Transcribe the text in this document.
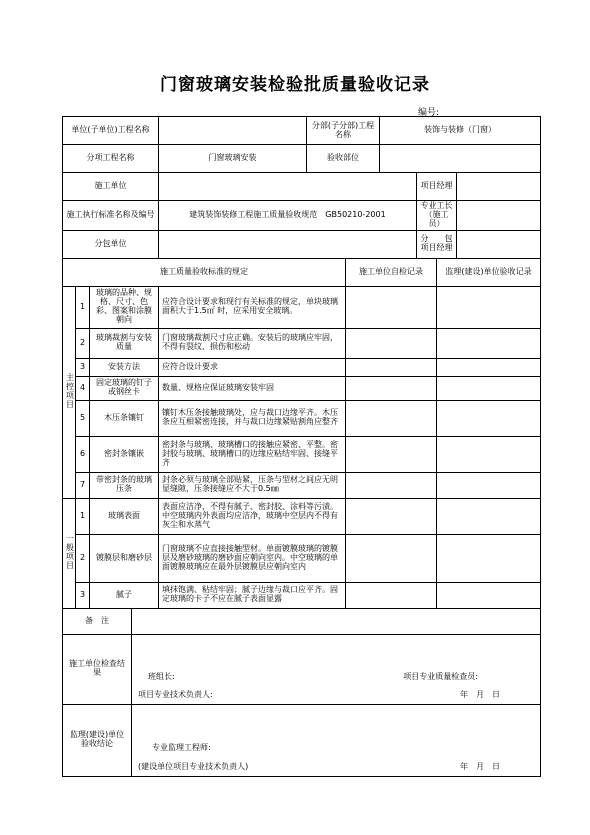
门窗玻璃安装检验批质量验收记录
编号:
单位(子单位)工程名称					分部(子分部)工程名称		装饰与装修（门窗）			
分项工程名称				门窗玻璃安装	验收部位					
施工单位								项目经理		
施工执行标准名称及编号				建筑装饰装修工程施工质量验收规范　GB50210-2001				专业工长（施工员）		
分包单位								分　　包项目经理		
施工质量验收标准的规定						施工单位自检记录			监理(建设)单位验收记录	
主控项目	1	玻璃的品种、规格、尺寸、色彩、图案和涂膜朝向		应符合设计要求和现行有关标准的规定，单块玻璃面积大于1.5㎡ 时，应采用安全玻璃。						
	2	玻璃裁割与安装质量		门窗玻璃裁割尺寸应正确。安装后的玻璃应牢固，不得有裂纹、损伤和松动						
	3	安装方法		应符合设计要求						
	4	固定玻璃的钉子或钢丝卡		数量、规格应保证玻璃安装牢固						
	5	木压条镶钉		镶钉木压条接触玻璃处，应与裁口边缘平齐。木压条应互相紧密连接，并与裁口边缘紧贴割角应整齐						
	6	密封条镶嵌		密封条与玻璃、玻璃槽口的接触应紧密、平整。密封胶与玻璃、玻璃槽口的边缘应粘结牢固、接缝平齐						
	7	带密封条的玻璃压条		封条必须与玻璃全部贴紧，压条与型材之间应无明显缝隙，压条接缝应不大于0.5㎜						
一般项目	1	玻璃表面		表面应洁净，不得有腻子、密封胶、涂料等污渍。中空玻璃内外表面均应洁净，玻璃中空层内不得有灰尘和水蒸气						
	2	镀膜层和磨砂层		门窗玻璃不应直接接触型材。单面镀膜玻璃的镀膜层及磨砂玻璃的磨砂面应朝向室内。中空玻璃的单面镀膜玻璃应在最外层镀膜层应朝向室内						
	3	腻子		填抹饱满、粘结牢固；腻子边缘与裁口应平齐。固定玻璃的卡子不应在腻子表面显露						
备　注										
施工单位检查结果			班组长: 项目专业质量检查员:
项目专业技术负责人: 年　月　日							

监理(建设)单位验收结论			专业监理工程师:
(建设单位项目专业技术负责人) 年　月　日							
